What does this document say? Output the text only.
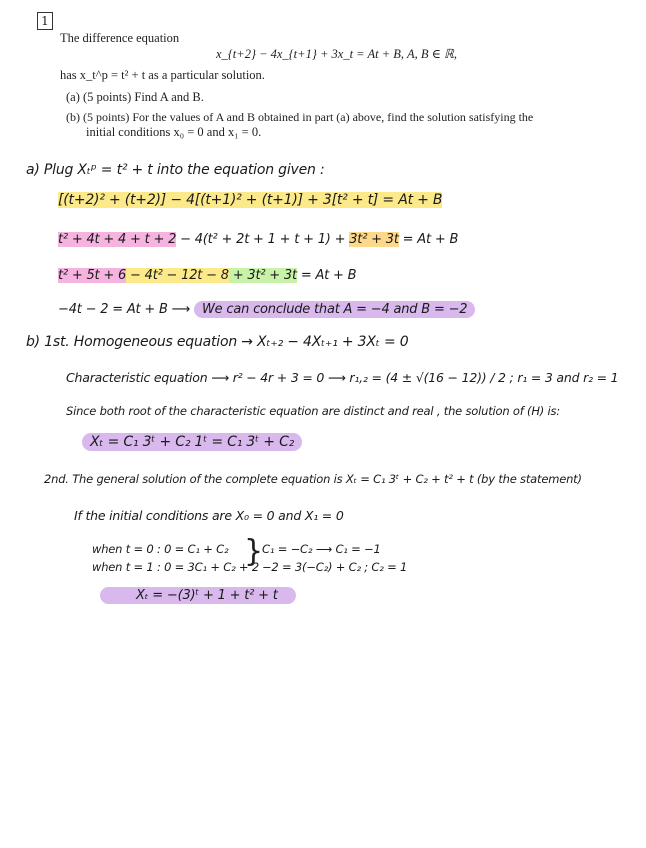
1
The difference equation
x_{t+2} − 4x_{t+1} + 3x_t = At + B, A, B ∈ ℝ,
has x_t^p = t² + t as a particular solution.
(a) (5 points) Find A and B.
(b) (5 points) For the values of A and B obtained in part (a) above, find the solution satisfying the
initial conditions x₀ = 0 and x₁ = 0.
a) Plug Xₜᵖ = t² + t into the equation given :
[(t+2)² + (t+2)] − 4[(t+1)² + (t+1)] + 3[t² + t] = At + B
t² + 4t + 4 + t + 2 − 4(t² + 2t + 1 + t + 1) + 3t² + 3t = At + B
t² + 5t + 6 − 4t² − 12t − 8 + 3t² + 3t = At + B
−4t − 2 = At + B ⟶ We can conclude that A = −4 and B = −2
b) 1st. Homogeneous equation → Xₜ₊₂ − 4Xₜ₊₁ + 3Xₜ = 0
Characteristic equation ⟶ r² − 4r + 3 = 0 ⟶ r₁,₂ = (4 ± √(16 − 12)) / 2 ; r₁ = 3 and r₂ = 1
Since both root of the characteristic equation are distinct and real , the solution of (H) is:
Xₜ = C₁ 3ᵗ + C₂ 1ᵗ = C₁ 3ᵗ + C₂
2nd. The general solution of the complete equation is Xₜ = C₁ 3ᵗ + C₂ + t² + t (by the statement)
If the initial conditions are X₀ = 0 and X₁ = 0
when t = 0 : 0 = C₁ + C₂
when t = 1 : 0 = 3C₁ + C₂ + 2
}
C₁ = −C₂ ⟶ C₁ = −1
−2 = 3(−C₂) + C₂ ; C₂ = 1
Xₜ = −(3)ᵗ + 1 + t² + t
